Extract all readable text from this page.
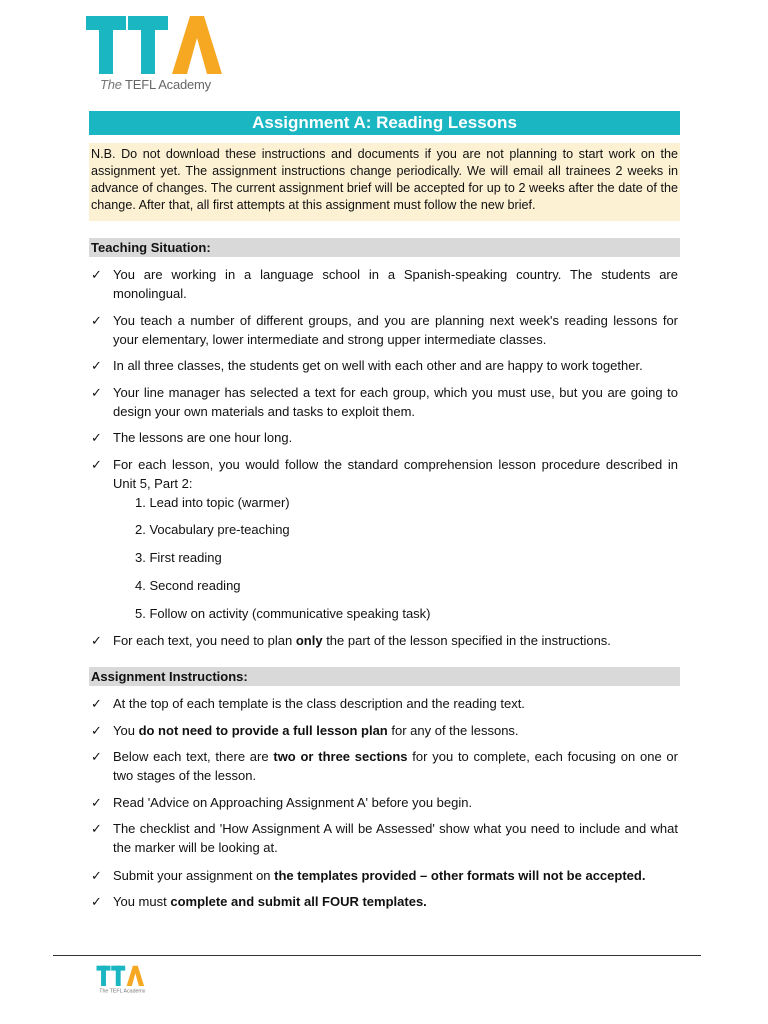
The TEFL Academy
Assignment A: Reading Lessons
N.B. Do not download these instructions and documents if you are not planning to start work on the assignment yet. The assignment instructions change periodically. We will email all trainees 2 weeks in advance of changes. The current assignment brief will be accepted for up to 2 weeks after the date of the change. After that, all first attempts at this assignment must follow the new brief.
Teaching Situation:
✓ You are working in a language school in a Spanish-speaking country. The students are monolingual.
✓ You teach a number of different groups, and you are planning next week's reading lessons for your elementary, lower intermediate and strong upper intermediate classes.
✓ In all three classes, the students get on well with each other and are happy to work together.
✓ Your line manager has selected a text for each group, which you must use, but you are going to design your own materials and tasks to exploit them.
✓ The lessons are one hour long.
✓ For each lesson, you would follow the standard comprehension lesson procedure described in Unit 5, Part 2:
1. Lead into topic (warmer)
2. Vocabulary pre-teaching
3. First reading
4. Second reading
5. Follow on activity (communicative speaking task)
✓ For each text, you need to plan only the part of the lesson specified in the instructions.
Assignment Instructions:
✓ At the top of each template is the class description and the reading text.
✓ You do not need to provide a full lesson plan for any of the lessons.
✓ Below each text, there are two or three sections for you to complete, each focusing on one or two stages of the lesson.
✓ Read 'Advice on Approaching Assignment A' before you begin.
✓ The checklist and 'How Assignment A will be Assessed' show what you need to include and what the marker will be looking at.
✓ Submit your assignment on the templates provided – other formats will not be accepted.
✓ You must complete and submit all FOUR templates.
The TEFL Academy
